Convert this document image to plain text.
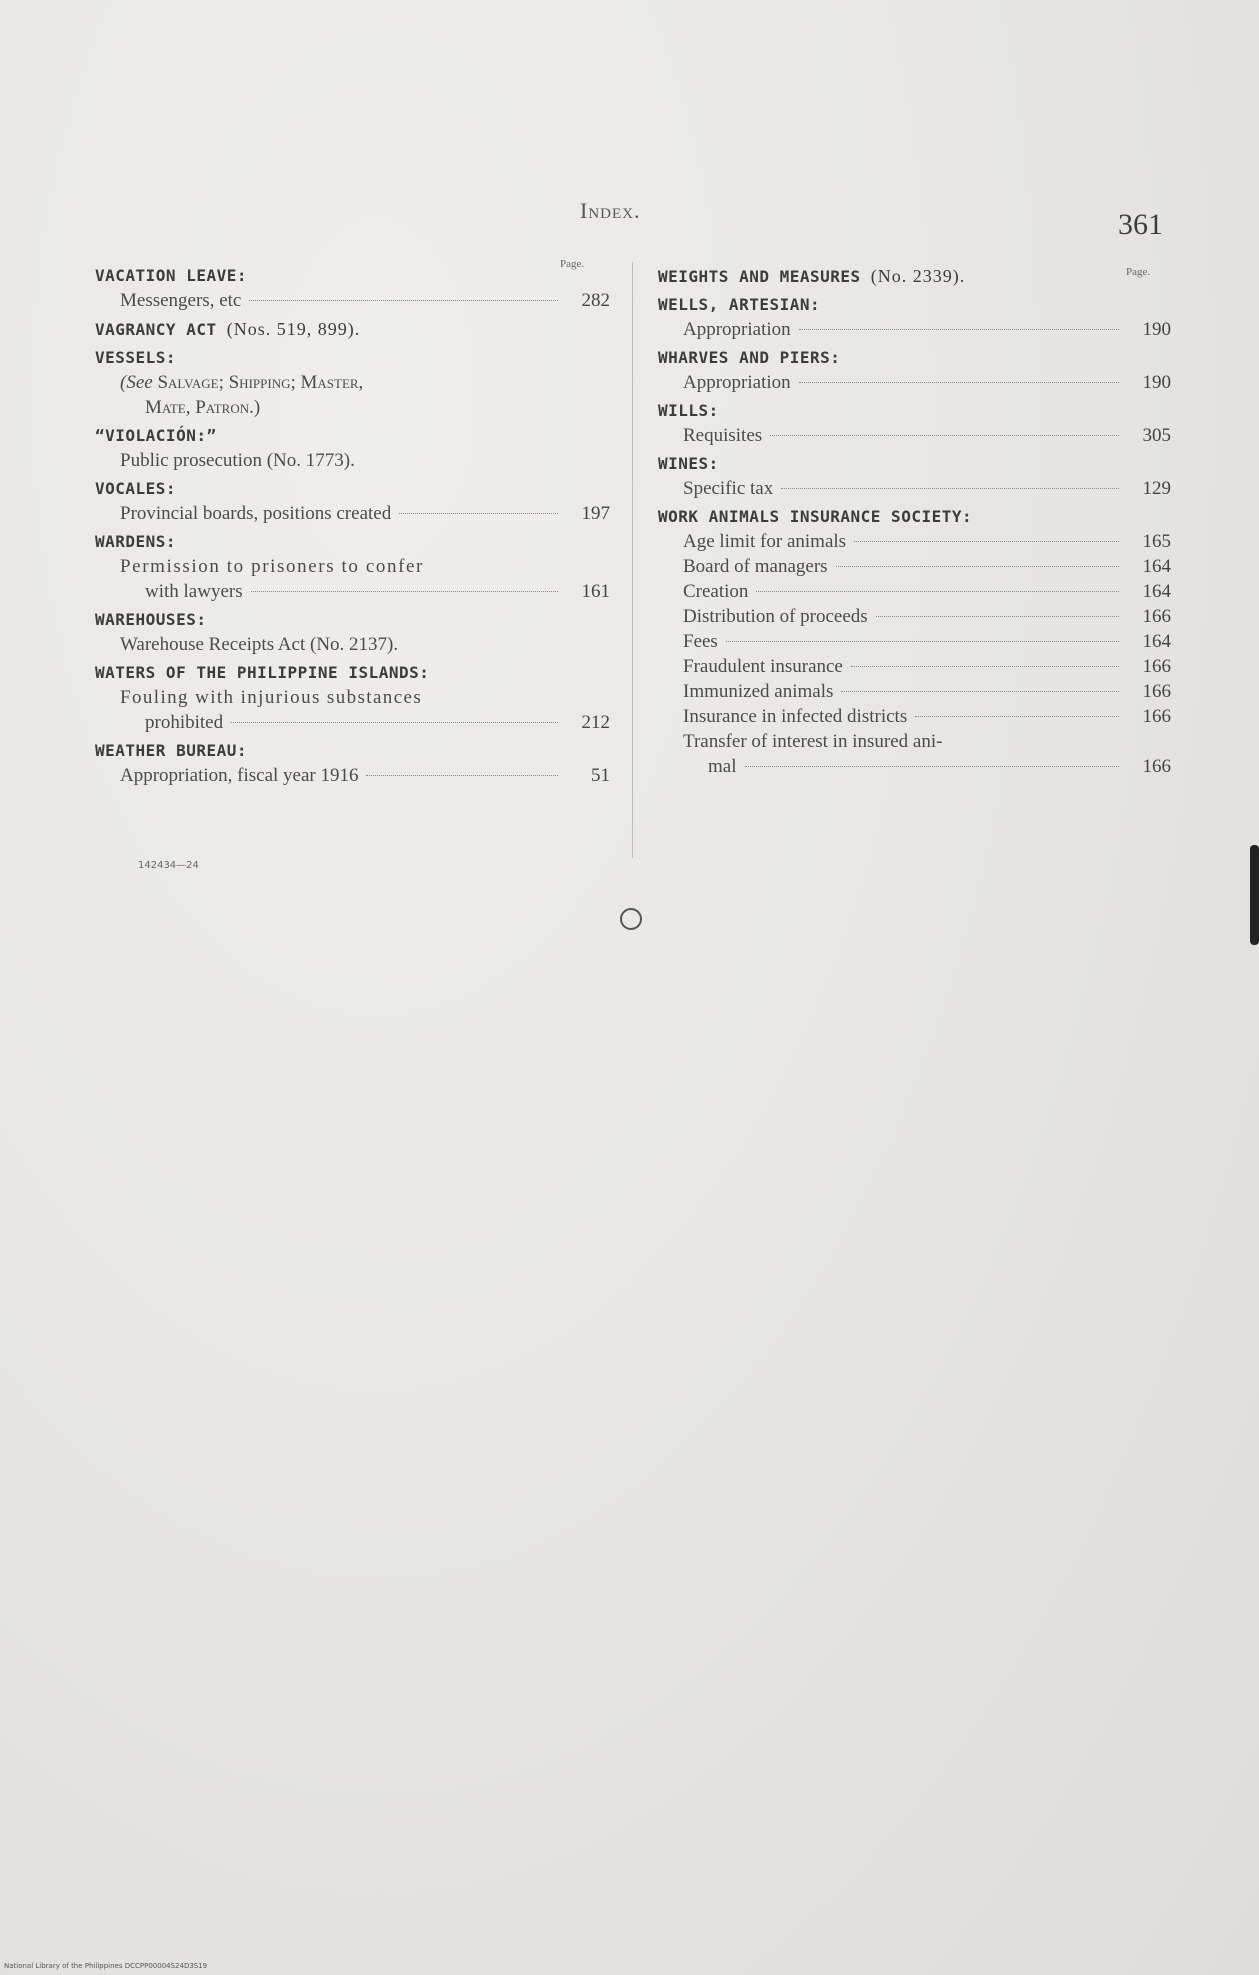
Index.	361
Page.
Page.
VACATION LEAVE:
Messengers, etc	282
VAGRANCY ACT (Nos. 519, 899).
VESSELS:
(See Salvage; Shipping; Master,
Mate, Patron.)
“VIOLACIÓN:”
Public prosecution (No. 1773).
VOCALES:
Provincial boards, positions created	197
WARDENS:
Permission to prisoners to confer
with lawyers	161
WAREHOUSES:
Warehouse Receipts Act (No. 2137).
WATERS OF THE PHILIPPINE ISLANDS:
Fouling with injurious substances
prohibited	212
WEATHER BUREAU:
Appropriation, fiscal year 1916	51
142434—24
WEIGHTS AND MEASURES (No. 2339).
WELLS, ARTESIAN:
Appropriation	190
WHARVES AND PIERS:
Appropriation	190
WILLS:
Requisites	305
WINES:
Specific tax	129
WORK ANIMALS INSURANCE SOCIETY:
Age limit for animals	165
Board of managers	164
Creation	164
Distribution of proceeds	166
Fees	164
Fraudulent insurance	166
Immunized animals	166
Insurance in infected districts	166
Transfer of interest in insured ani-
mal	166
National Library of the Philippines DCCPP00004S24D3S19
